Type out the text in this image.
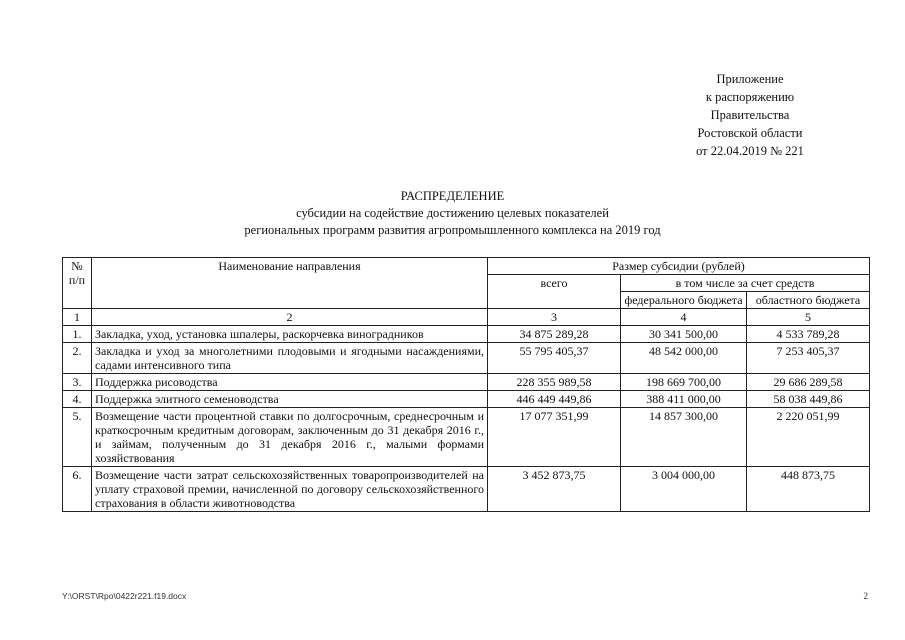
Приложение
к распоряжению
Правительства
Ростовской области
от 22.04.2019 № 221
РАСПРЕДЕЛЕНИЕ
субсидии на содействие достижению целевых показателей
региональных программ развития агропромышленного комплекса на 2019 год
№ п/п	Наименование направления	Размер субсидии (рублей)		
		всего	в том числе за счет средств	
			федерального бюджета	областного бюджета
1	2	3	4	5
1.	Закладка, уход, установка шпалеры, раскорчевка виноградников	34 875 289,28	30 341 500,00	4 533 789,28
2.	Закладка и уход за многолетними плодовыми и ягодными насаждениями, садами интенсивного типа	55 795 405,37	48 542 000,00	7 253 405,37
3.	Поддержка рисоводства	228 355 989,58	198 669 700,00	29 686 289,58
4.	Поддержка элитного семеноводства	446 449 449,86	388 411 000,00	58 038 449,86
5.	Возмещение части процентной ставки по долгосрочным, среднесрочным и краткосрочным кредитным договорам, заключенным до 31 декабря 2016 г., и займам, полученным до 31 декабря 2016 г., малыми формами хозяйствования	17 077 351,99	14 857 300,00	2 220 051,99
6.	Возмещение части затрат сельскохозяйственных товаропроизводителей на уплату страховой премии, начисленной по договору сельскохозяйственного страхования в области животноводства	3 452 873,75	3 004 000,00	448 873,75
Y:\ORST\Rpo\0422r221.f19.docx	2
